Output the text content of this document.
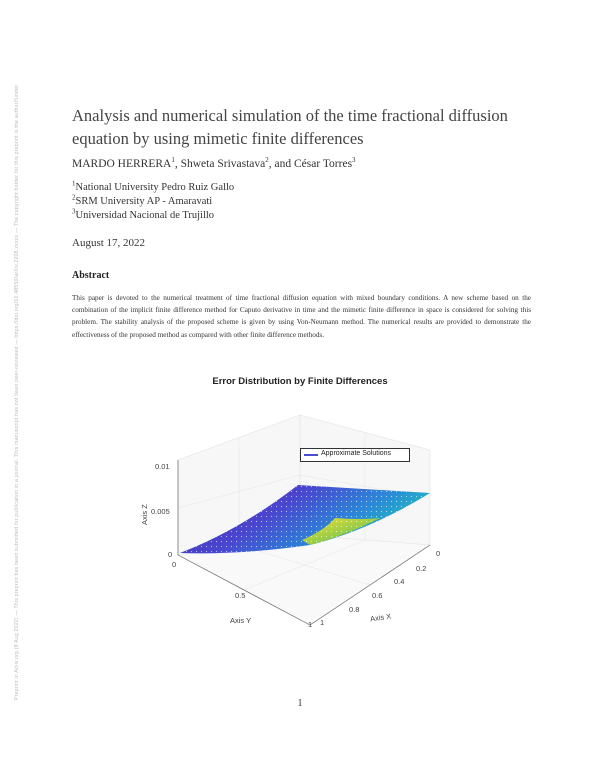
Preprint in Arxiv.org (8 Aug 2022) — This preprint has been submitted for publication in a journal. This manuscript has not been peer-reviewed — https://doi.org/10.48550/arXiv.2208.xxxxx — The copyright holder for this preprint is the author/funder	Analysis and numerical simulation of the time fractional diffusion equation by using mimetic finite differences
MARDO HERRERA$^1$, Shweta Srivastava$^2$, and César Torres$^3$
$^1$National University Pedro Ruiz Gallo
$^2$SRM University AP - Amaravati
$^3$Universidad Nacional de Trujillo
August 17, 2022
Abstract

This paper is devoted to the numerical treatment of time fractional diffusion equation with mixed boundary conditions. A new scheme based on the combination of the implicit finite difference method for Caputo derivative in time and the mimetic finite difference in space is considered for solving this problem. The stability analysis of the proposed scheme is given by using Von-Neumann method. The numerical results are provided to demonstrate the effectiveness of the proposed method as compared with other finite difference methods.

Error Distribution by Finite Differences
Approximate Solutions
0.01
0.005
0
Axis Z
0
0.5
1
Axis Y
0
0.2
0.4
0.6
0.8
1	Axis X
1
